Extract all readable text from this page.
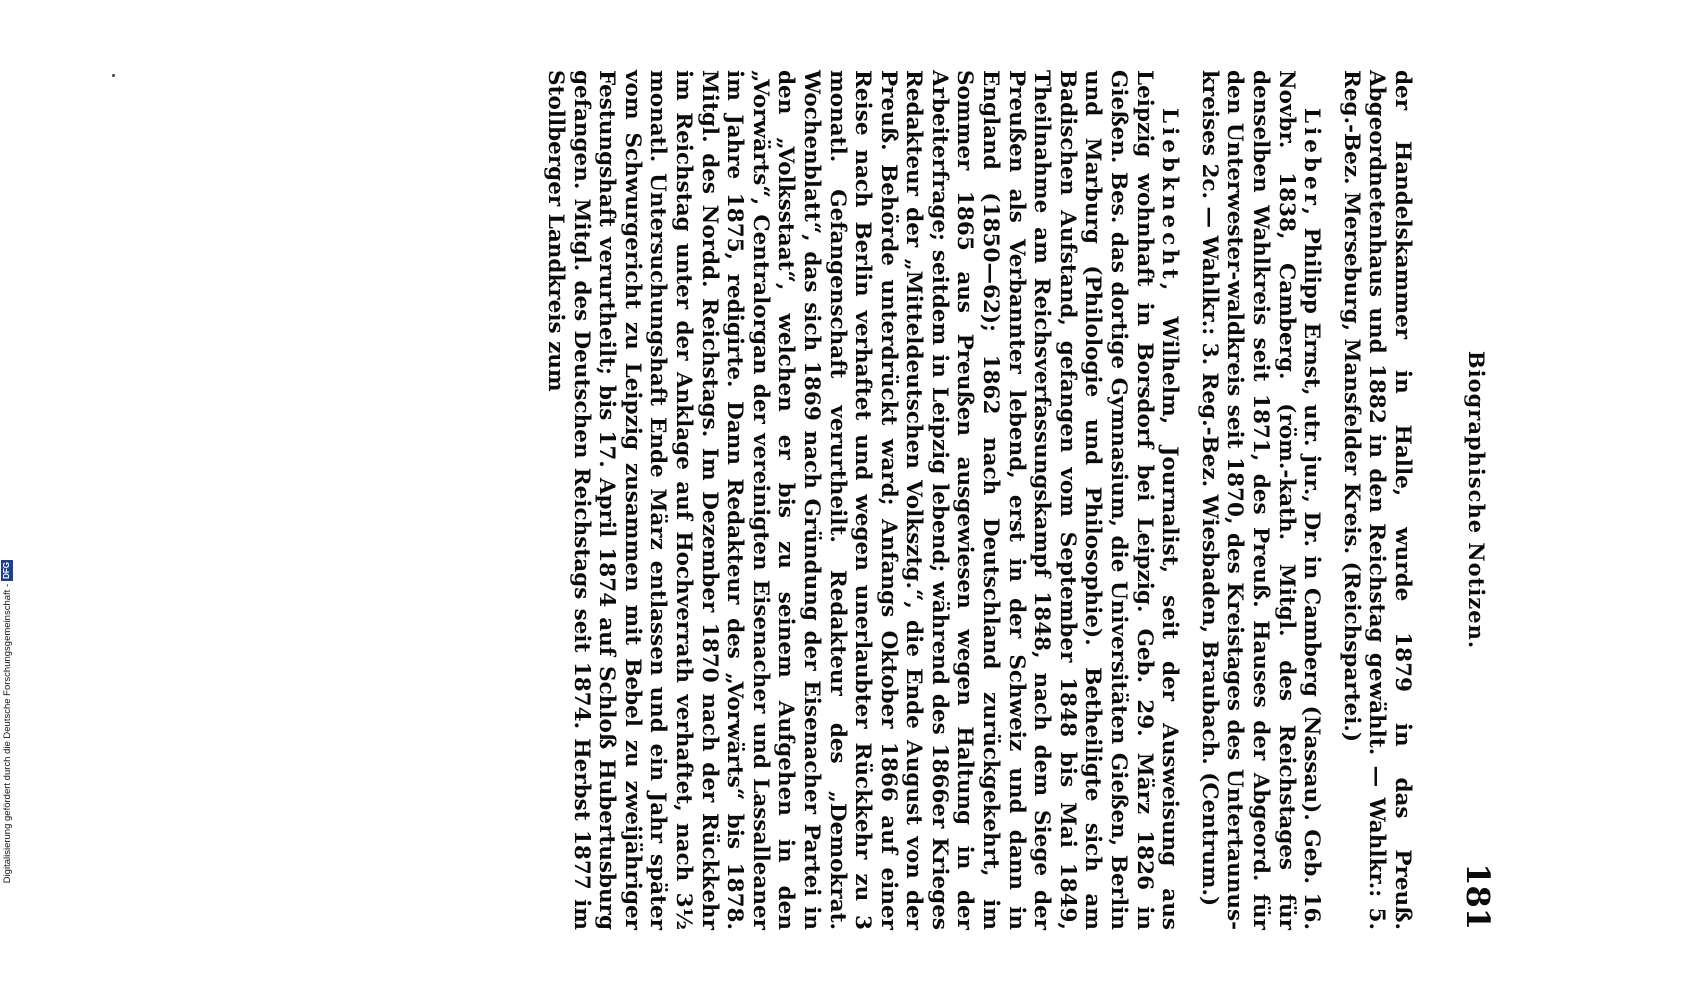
Biographische Notizen.
181

der Handelskammer in Halle, wurde 1879 in das Preuß. Abgeordnetenhaus und 1882 in den Reichstag gewählt. — Wahlkr.: 5. Reg.-Bez. Merseburg, Mansfelder Kreis. (Reichspartei.)

Lieber, Philipp Ernst, utr. jur., Dr. in Camberg (Nassau). Geb. 16. Novbr. 1838, Camberg. (röm.-kath. Mitgl. des Reichstages für denselben Wahlkreis seit 1871, des Preuß. Hauses der Abgeord. für den Unterwester-waldkreis seit 1870, des Kreistages des Untertaunus-kreises 2c. — Wahlkr.: 3. Reg.-Bez. Wiesbaden, Braubach. (Centrum.)

Liebknecht, Wilhelm, Journalist, seit der Ausweisung aus Leipzig wohnhaft in Borsdorf bei Leipzig. Geb. 29. März 1826 in Gießen. Bes. das dortige Gymnasium, die Universitäten Gießen, Berlin und Marburg (Philologie und Philosophie). Betheiligte sich am Badischen Aufstand, gefangen vom September 1848 bis Mai 1849, Theilnahme am Reichsverfassungskampf 1848, nach dem Siege der Preußen als Verbannter lebend, erst in der Schweiz und dann in England (1850—62); 1862 nach Deutschland zurückgekehrt, im Sommer 1865 aus Preußen ausgewiesen wegen Haltung in der Arbeiterfrage; seitdem in Leipzig lebend; während des 1866er Krieges Redakteur der „Mitteldeutschen Volksztg.“, die Ende August von der Preuß. Behörde unterdrückt ward; Anfangs Oktober 1866 auf einer Reise nach Berlin verhaftet und wegen unerlaubter Rückkehr zu 3 monatl. Gefangenschaft verurtheilt. Redakteur des „Demokrat. Wochenblatt“, das sich 1869 nach Gründung der Eisenacher Partei in den „Volksstaat“, welchen er bis zu seinem Aufgehen in den „Vorwärts“, Centralorgan der vereinigten Eisenacher und Lassalleaner im Jahre 1875, redigirte. Dann Redakteur des „Vorwärts“ bis 1878. Mitgl. des Nordd. Reichstags. Im Dezember 1870 nach der Rückkehr im Reichstag unter der Anklage auf Hochverrath verhaftet, nach 3½ monatl. Untersuchungshaft Ende März entlassen und ein Jahr später vom Schwurgericht zu Leipzig zusammen mit Bebel zu zweijähriger Festungshaft verurtheilt; bis 17. April 1874 auf Schloß Hubertusburg gefangen. Mitgl. des Deutschen Reichstags seit 1874. Herbst 1877 im Stollberger Landkreis zum

Digitalisierung gefördert durch die Deutsche Forschungsgemeinschaft -
DFG
